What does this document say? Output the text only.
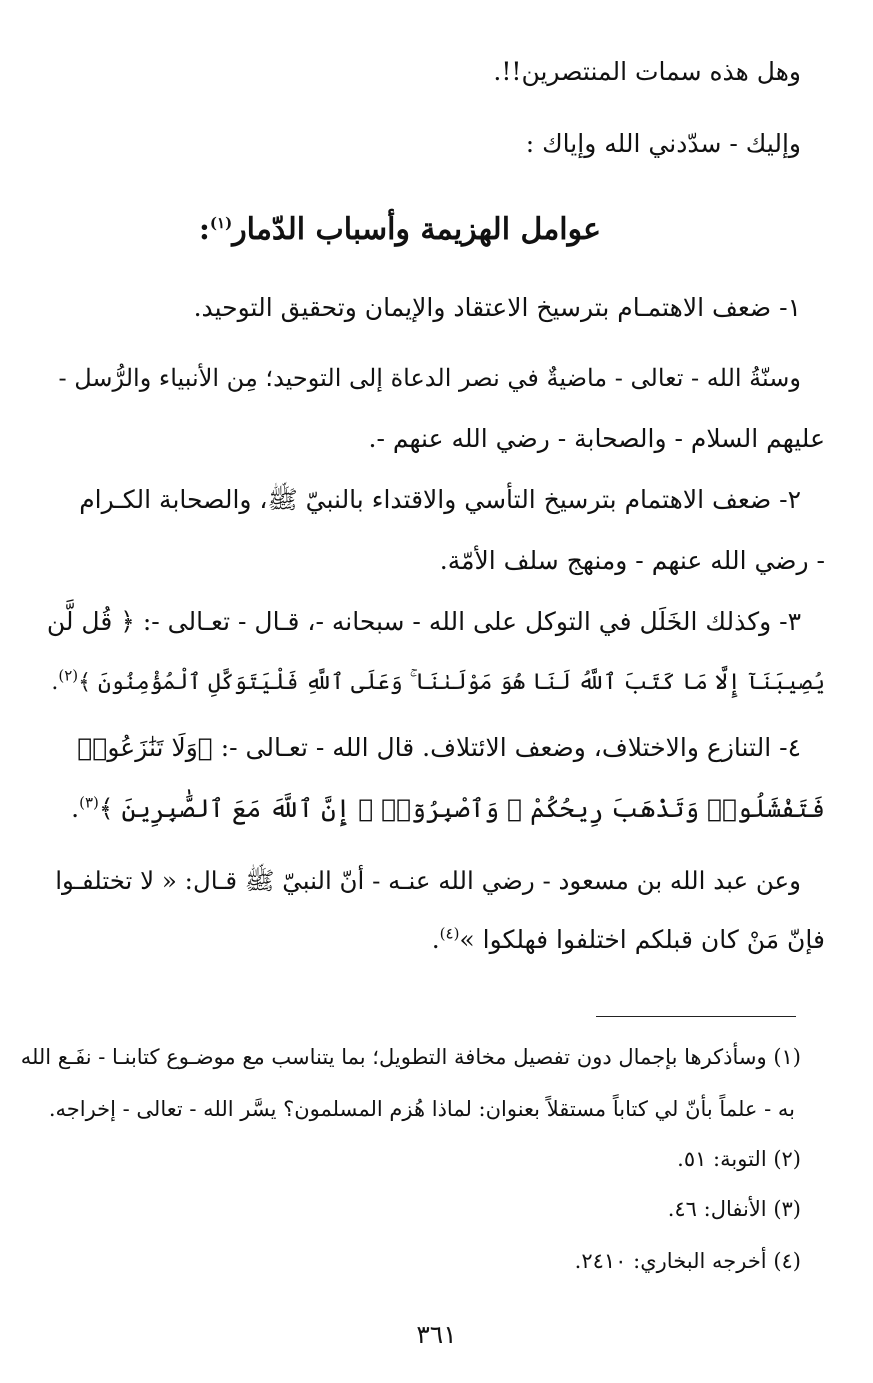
وهل هذه سمات المنتصرين!!.
وإليك - سدّدني الله وإياك :
عوامل الهزيمة وأسباب الدّمار$^{(١)}$:
١- ضعف الاهتمـام بترسيخ الاعتقاد والإيمان وتحقيق التوحيد.
وسنّةُ الله - تعالى - ماضيةٌ في نصر الدعاة إلى التوحيد؛ مِن الأنبياء والرُّسل -
عليهم السلام - والصحابة - رضي الله عنهم -.
٢- ضعف الاهتمام بترسيخ التأسي والاقتداء بالنبيّ ﷺ، والصحابة الكـرام
- رضي الله عنهم - ومنهج سلف الأمّة.
٣- وكذلك الخَلَل في التوكل على الله - سبحانه -، قـال - تعـالى -: ﴿ قُل لَّن
يُصِيبَنَآ إِلَّا مَا كَتَبَ ٱللَّهُ لَنَا هُوَ مَوْلَىٰنَا ۚ وَعَلَى ٱللَّهِ فَلْيَتَوَكَّلِ ٱلْمُؤْمِنُونَ ﴾$^{(٢)}$.
٤- التنازع والاختلاف، وضعف الائتلاف. قال الله - تعـالى -: ﴿وَلَا تَنَٰزَعُوا۟
فَتَفْشَلُوا۟ وَتَذْهَبَ رِيحُكُمْ ۖ وَٱصْبِرُوٓا۟ ۚ إِنَّ ٱللَّهَ مَعَ ٱلصَّٰبِرِينَ ﴾$^{(٣)}$.
وعن عبد الله بن مسعود - رضي الله عنـه - أنّ النبيّ ﷺ قـال: « لا تختلفـوا
فإنّ مَنْ كان قبلكم اختلفوا فهلكوا »$^{(٤)}$.
(١) وسأذكرها بإجمال دون تفصيل مخافة التطويل؛ بما يتناسب مع موضـوع كتابنـا - نفَـع الله
به - علماً بأنّ لي كتاباً مستقلاً بعنوان: لماذا هُزم المسلمون؟ يسَّر الله - تعالى - إخراجه.
(٢) التوبة: ٥١.
(٣) الأنفال: ٤٦.
(٤) أخرجه البخاري: ٢٤١٠.
٣٦١
